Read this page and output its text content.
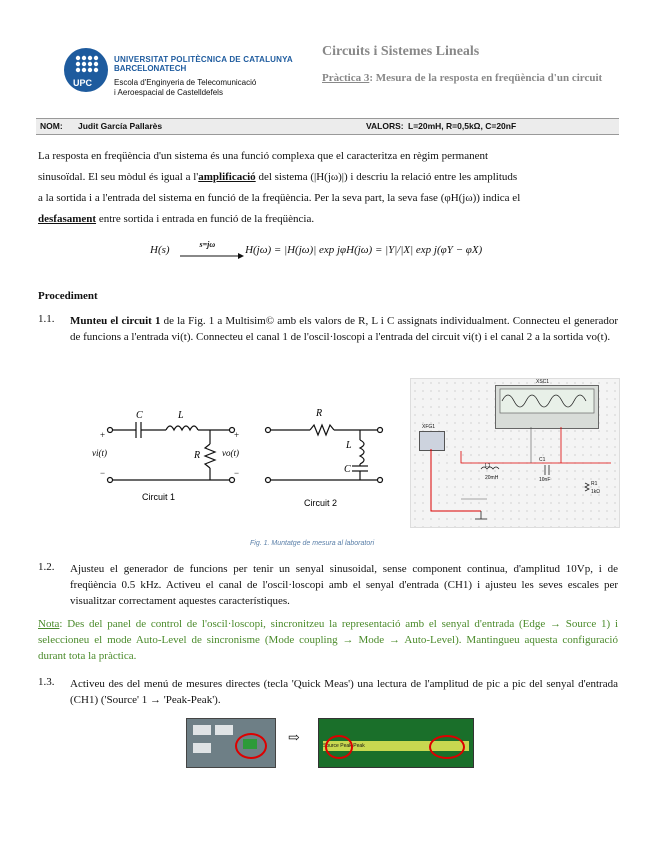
UPC
UNIVERSITAT POLITÈCNICA DE CATALUNYA
BARCELONATECH
Escola d'Enginyeria de Telecomunicació
i Aeroespacial de Castelldefels
Circuits i Sistemes Lineals
Pràctica 3: Mesura de la resposta en freqüència d'un circuit
NOM: Judit García Pallarès	VALORS: L=20mH, R=0,5kΩ, C=20nF
La resposta en freqüència d'un sistema és una funció complexa que el caracteritza en règim permanent
sinusoïdal. El seu mòdul és igual a l'amplificació del sistema (|H(jω)|) i descriu la relació entre les amplituds
a la sortida i a l'entrada del sistema en funció de la freqüència. Per la seva part, la seva fase (φH(jω)) indica el
desfasament entre sortida i entrada en funció de la freqüència.
H(s)	s=jω	H(jω) = |H(jω)| exp jφH(jω) = |Y|/|X| exp j(φY − φX)
Procediment
1.1. Munteu el circuit 1 de la Fig. 1 a Multisim© amb els valors de R, L i C assignats individualment. Connecteu el generador de funcions a l'entrada vi(t). Connecteu el canal 1 de l'oscil·loscopi a l'entrada del circuit vi(t) i el canal 2 a la sortida vo(t).
C	L
R
+
vi(t)
−
+
vo(t)
−
R
L
C
Circuit 1
Circuit 2
XSC1
XFG1
L1
20mH
C1
10nF
R1
1kΩ
Fig. 1. Muntatge de mesura al laboratori
1.2. Ajusteu el generador de funcions per tenir un senyal sinusoidal, sense component continua, d'amplitud 10Vp, i de freqüència 0.5 kHz. Activeu el canal de l'oscil·loscopi amb el senyal d'entrada (CH1) i ajusteu les seves escales per visualitzar correctament aquestes característiques.
Nota: Des del panel de control de l'oscil·loscopi, sincronitzeu la representació amb el senyal d'entrada (Edge → Source 1) i seleccioneu el mode Auto-Level de sincronisme (Mode coupling → Mode → Auto-Level). Mantingueu aquesta configuració durant tota la pràctica.
1.3. Activeu des del menú de mesures directes (tecla 'Quick Meas') una lectura de l'amplitud de pic a pic del senyal d'entrada (CH1) ('Source' 1 → 'Peak-Peak').
⇨	Source Peak-Peak
